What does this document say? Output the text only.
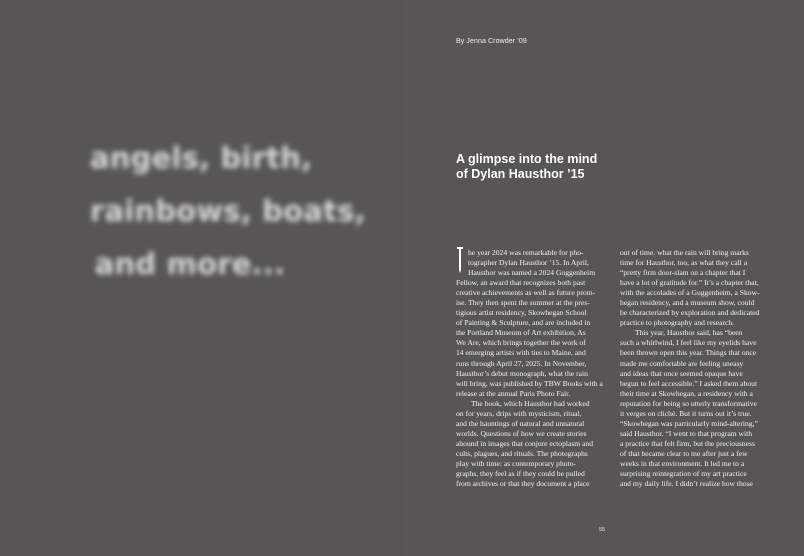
angels, birth,
rainbows, boats,
and more...
By Jenna Crowder ’09
A glimpse into the mind
of Dylan Hausthor ’15
he year 2024 was remarkable for pho-
tographer Dylan Hausthor ’15. In April,
Hausthor was named a 2024 Guggenheim
Fellow, an award that recognizes both past
creative achievements as well as future prom-
ise. They then spent the summer at the pres-
tigious artist residency, Skowhegan School
of Painting & Sculpture, and are included in
the Portland Museum of Art exhibition, As
We Are, which brings together the work of
14 emerging artists with ties to Maine, and
runs through April 27, 2025. In November,
Hausthor’s debut monograph, what the rain
will bring, was published by TBW Books with a
release at the annual Paris Photo Fair.
The book, which Hausthor had worked
on for years, drips with mysticism, ritual,
and the hauntings of natural and unnatural
worlds. Questions of how we create stories
abound in images that conjure ectoplasm and
cults, plagues, and rituals. The photographs
play with time: as contemporary photo-
graphs, they feel as if they could be pulled
from archives or that they document a place
out of time. what the rain will bring marks
time for Hausthor, too, as what they call a
“pretty firm door-slam on a chapter that I
have a lot of gratitude for.” It’s a chapter that,
with the accolades of a Guggenheim, a Skow-
hegan residency, and a museum show, could
be characterized by exploration and dedicated
practice to photography and research.
This year, Hausthor said, has “been
such a whirlwind, I feel like my eyelids have
been thrown open this year. Things that once
made me comfortable are feeling uneasy
and ideas that once seemed opaque have
begun to feel accessible.” I asked them about
their time at Skowhegan, a residency with a
reputation for being so utterly transformative
it verges on cliché. But it turns out it’s true.
“Skowhegan was particularly mind-altering,”
said Hausthor. “I went to that program with
a practice that felt firm, but the preciousness
of that became clear to me after just a few
weeks in that environment. It led me to a
surprising reintegration of my art practice
and my daily life. I didn’t realize how those
55
